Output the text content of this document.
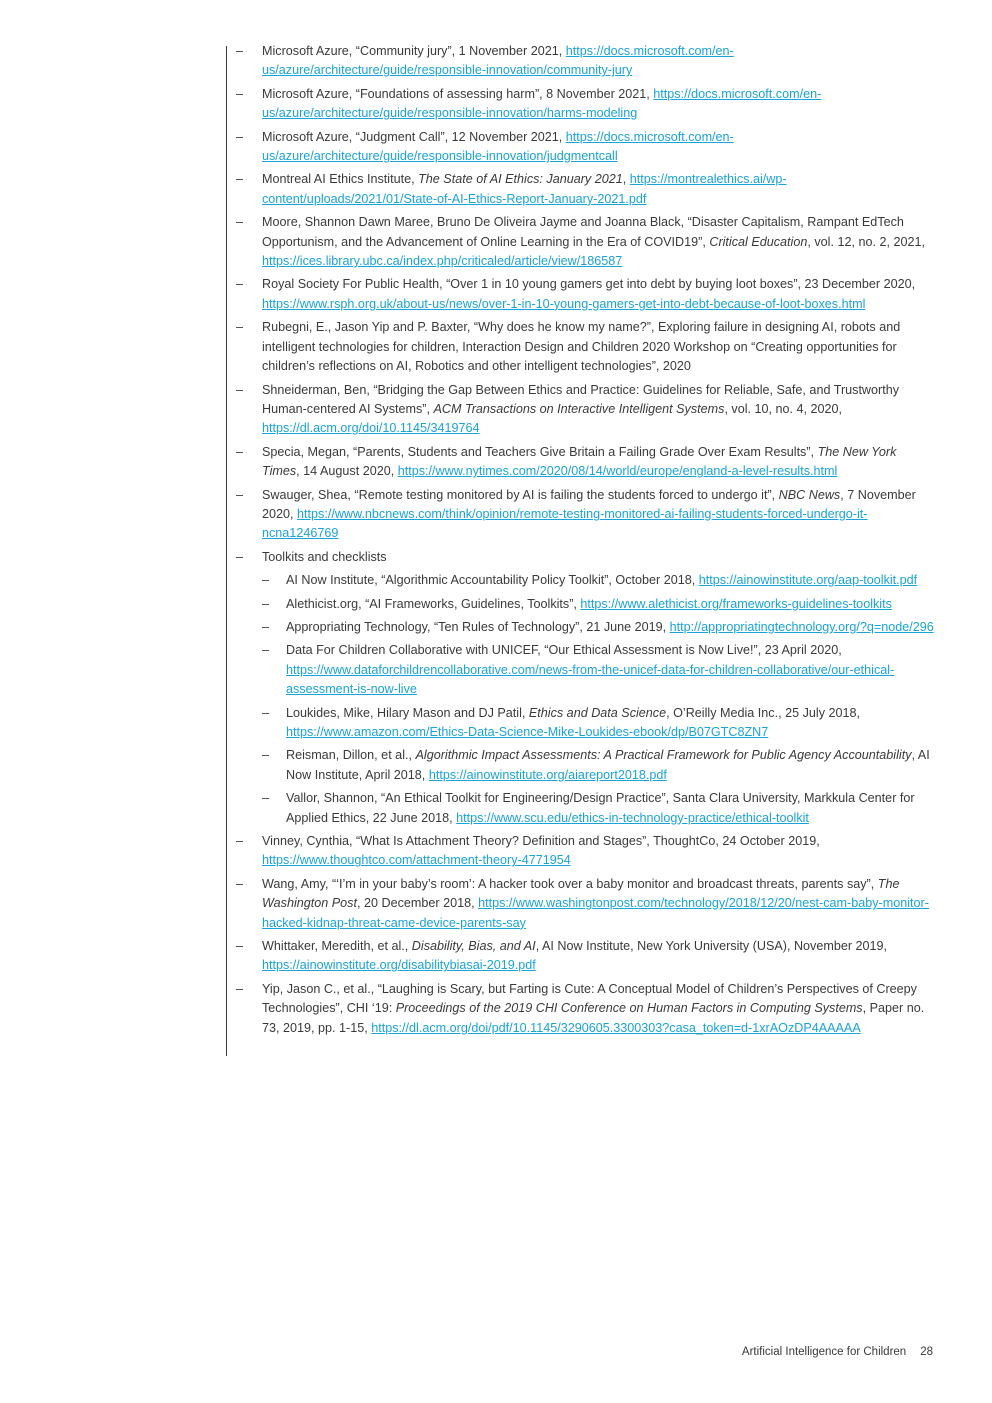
– Microsoft Azure, “Community jury”, 1 November 2021, https://docs.microsoft.com/en-us/azure/architecture/guide/responsible-innovation/community-jury
– Microsoft Azure, “Foundations of assessing harm”, 8 November 2021, https://docs.microsoft.com/en-us/azure/architecture/guide/responsible-innovation/harms-modeling
– Microsoft Azure, “Judgment Call”, 12 November 2021, https://docs.microsoft.com/en-us/azure/architecture/guide/responsible-innovation/judgmentcall
– Montreal AI Ethics Institute, The State of AI Ethics: January 2021, https://montrealethics.ai/wp-content/uploads/2021/01/State-of-AI-Ethics-Report-January-2021.pdf
– Moore, Shannon Dawn Maree, Bruno De Oliveira Jayme and Joanna Black, “Disaster Capitalism, Rampant EdTech Opportunism, and the Advancement of Online Learning in the Era of COVID19”, Critical Education, vol. 12, no. 2, 2021, https://ices.library.ubc.ca/index.php/criticaled/article/view/186587
– Royal Society For Public Health, “Over 1 in 10 young gamers get into debt by buying loot boxes”, 23 December 2020, https://www.rsph.org.uk/about-us/news/over-1-in-10-young-gamers-get-into-debt-because-of-loot-boxes.html
– Rubegni, E., Jason Yip and P. Baxter, “Why does he know my name?”, Exploring failure in designing AI, robots and intelligent technologies for children, Interaction Design and Children 2020 Workshop on “Creating opportunities for children’s reflections on AI, Robotics and other intelligent technologies”, 2020
– Shneiderman, Ben, “Bridging the Gap Between Ethics and Practice: Guidelines for Reliable, Safe, and Trustworthy Human-centered AI Systems”, ACM Transactions on Interactive Intelligent Systems, vol. 10, no. 4, 2020, https://dl.acm.org/doi/10.1145/3419764
– Specia, Megan, “Parents, Students and Teachers Give Britain a Failing Grade Over Exam Results”, The New York Times, 14 August 2020, https://www.nytimes.com/2020/08/14/world/europe/england-a-level-results.html
– Swauger, Shea, “Remote testing monitored by AI is failing the students forced to undergo it”, NBC News, 7 November 2020, https://www.nbcnews.com/think/opinion/remote-testing-monitored-ai-failing-students-forced-undergo-it-ncna1246769
– Toolkits and checklists
– AI Now Institute, “Algorithmic Accountability Policy Toolkit”, October 2018, https://ainowinstitute.org/aap-toolkit.pdf
– Alethicist.org, “AI Frameworks, Guidelines, Toolkits”, https://www.alethicist.org/frameworks-guidelines-toolkits
– Appropriating Technology, “Ten Rules of Technology”, 21 June 2019, http://appropriatingtechnology.org/?q=node/296
– Data For Children Collaborative with UNICEF, “Our Ethical Assessment is Now Live!”, 23 April 2020, https://www.dataforchildrencollaborative.com/news-from-the-unicef-data-for-children-collaborative/our-ethical-assessment-is-now-live
– Loukides, Mike, Hilary Mason and DJ Patil, Ethics and Data Science, O’Reilly Media Inc., 25 July 2018, https://www.amazon.com/Ethics-Data-Science-Mike-Loukides-ebook/dp/B07GTC8ZN7
– Reisman, Dillon, et al., Algorithmic Impact Assessments: A Practical Framework for Public Agency Accountability, AI Now Institute, April 2018, https://ainowinstitute.org/aiareport2018.pdf
– Vallor, Shannon, “An Ethical Toolkit for Engineering/Design Practice”, Santa Clara University, Markkula Center for Applied Ethics, 22 June 2018, https://www.scu.edu/ethics-in-technology-practice/ethical-toolkit
– Vinney, Cynthia, “What Is Attachment Theory? Definition and Stages”, ThoughtCo, 24 October 2019, https://www.thoughtco.com/attachment-theory-4771954
– Wang, Amy, “‘I’m in your baby’s room’: A hacker took over a baby monitor and broadcast threats, parents say”, The Washington Post, 20 December 2018, https://www.washingtonpost.com/technology/2018/12/20/nest-cam-baby-monitor-hacked-kidnap-threat-came-device-parents-say
– Whittaker, Meredith, et al., Disability, Bias, and AI, AI Now Institute, New York University (USA), November 2019, https://ainowinstitute.org/disabilitybiasai-2019.pdf
– Yip, Jason C., et al., “Laughing is Scary, but Farting is Cute: A Conceptual Model of Children’s Perspectives of Creepy Technologies”, CHI ‘19: Proceedings of the 2019 CHI Conference on Human Factors in Computing Systems, Paper no. 73, 2019, pp. 1-15, https://dl.acm.org/doi/pdf/10.1145/3290605.3300303?casa_token=d-1xrAOzDP4AAAAA
Artificial Intelligence for Children 28
